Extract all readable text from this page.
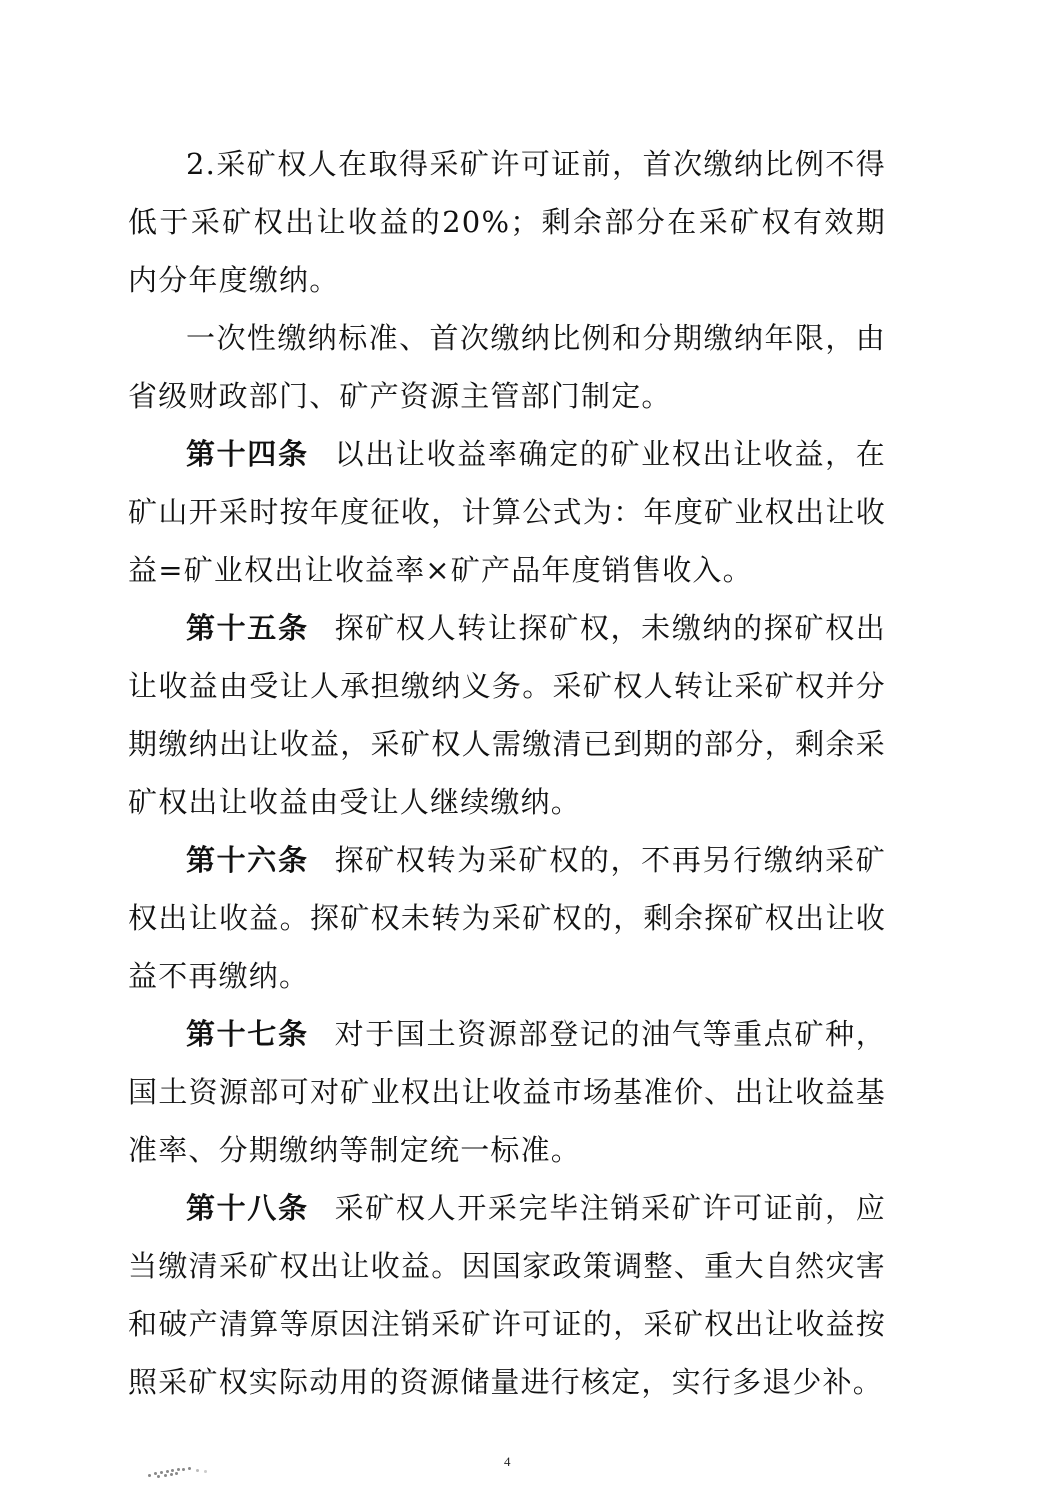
2.采矿权人在取得采矿许可证前，首次缴纳比例不得低于采矿权出让收益的20%；剩余部分在采矿权有效期内分年度缴纳。

一次性缴纳标准、首次缴纳比例和分期缴纳年限，由省级财政部门、矿产资源主管部门制定。

第十四条 以出让收益率确定的矿业权出让收益，在矿山开采时按年度征收，计算公式为：年度矿业权出让收益=矿业权出让收益率×矿产品年度销售收入。

第十五条 探矿权人转让探矿权，未缴纳的探矿权出让收益由受让人承担缴纳义务。采矿权人转让采矿权并分期缴纳出让收益，采矿权人需缴清已到期的部分，剩余采矿权出让收益由受让人继续缴纳。

第十六条 探矿权转为采矿权的，不再另行缴纳采矿权出让收益。探矿权未转为采矿权的，剩余探矿权出让收益不再缴纳。

第十七条 对于国土资源部登记的油气等重点矿种，国土资源部可对矿业权出让收益市场基准价、出让收益基准率、分期缴纳等制定统一标准。

第十八条 采矿权人开采完毕注销采矿许可证前，应当缴清采矿权出让收益。因国家政策调整、重大自然灾害和破产清算等原因注销采矿许可证的，采矿权出让收益按照采矿权实际动用的资源储量进行核定，实行多退少补。

4
